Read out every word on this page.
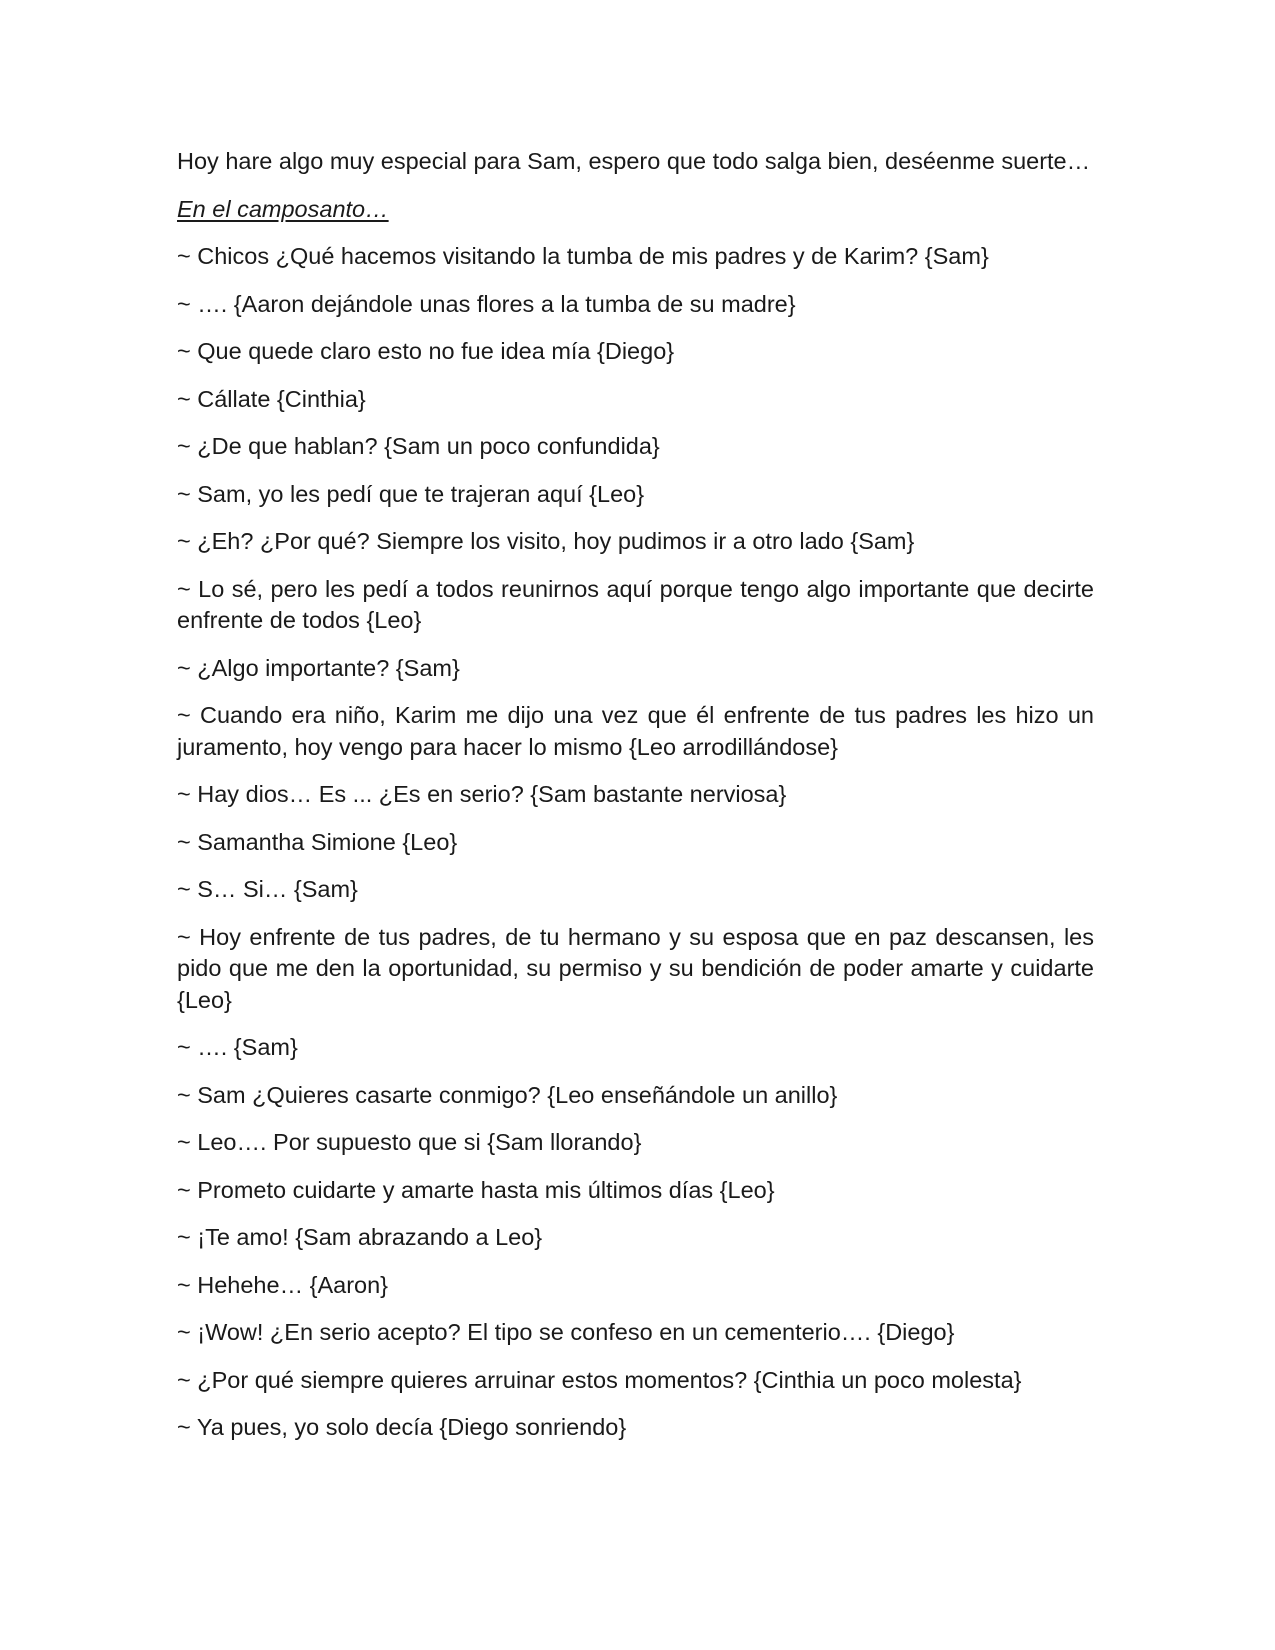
Hoy hare algo muy especial para Sam, espero que todo salga bien, deséenme suerte…

En el camposanto…

~ Chicos ¿Qué hacemos visitando la tumba de mis padres y de Karim? {Sam}

~ …. {Aaron dejándole unas flores a la tumba de su madre}

~ Que quede claro esto no fue idea mía {Diego}

~ Cállate {Cinthia}

~ ¿De que hablan? {Sam un poco confundida}

~ Sam, yo les pedí que te trajeran aquí {Leo}

~ ¿Eh? ¿Por qué? Siempre los visito, hoy pudimos ir a otro lado {Sam}

~ Lo sé, pero les pedí a todos reunirnos aquí porque tengo algo importante que decirte enfrente de todos {Leo}

~ ¿Algo importante? {Sam}

~ Cuando era niño, Karim me dijo una vez que él enfrente de tus padres les hizo un juramento, hoy vengo para hacer lo mismo {Leo arrodillándose}

~ Hay dios… Es ... ¿Es en serio? {Sam bastante nerviosa}

~ Samantha Simione {Leo}

~ S… Si… {Sam}

~ Hoy enfrente de tus padres, de tu hermano y su esposa que en paz descansen, les pido que me den la oportunidad, su permiso y su bendición de poder amarte y cuidarte {Leo}

~ …. {Sam}

~ Sam ¿Quieres casarte conmigo? {Leo enseñándole un anillo}

~ Leo…. Por supuesto que si {Sam llorando}

~ Prometo cuidarte y amarte hasta mis últimos días {Leo}

~ ¡Te amo! {Sam abrazando a Leo}

~ Hehehe… {Aaron}

~ ¡Wow! ¿En serio acepto? El tipo se confeso en un cementerio…. {Diego}

~ ¿Por qué siempre quieres arruinar estos momentos? {Cinthia un poco molesta}

~ Ya pues, yo solo decía {Diego sonriendo}
